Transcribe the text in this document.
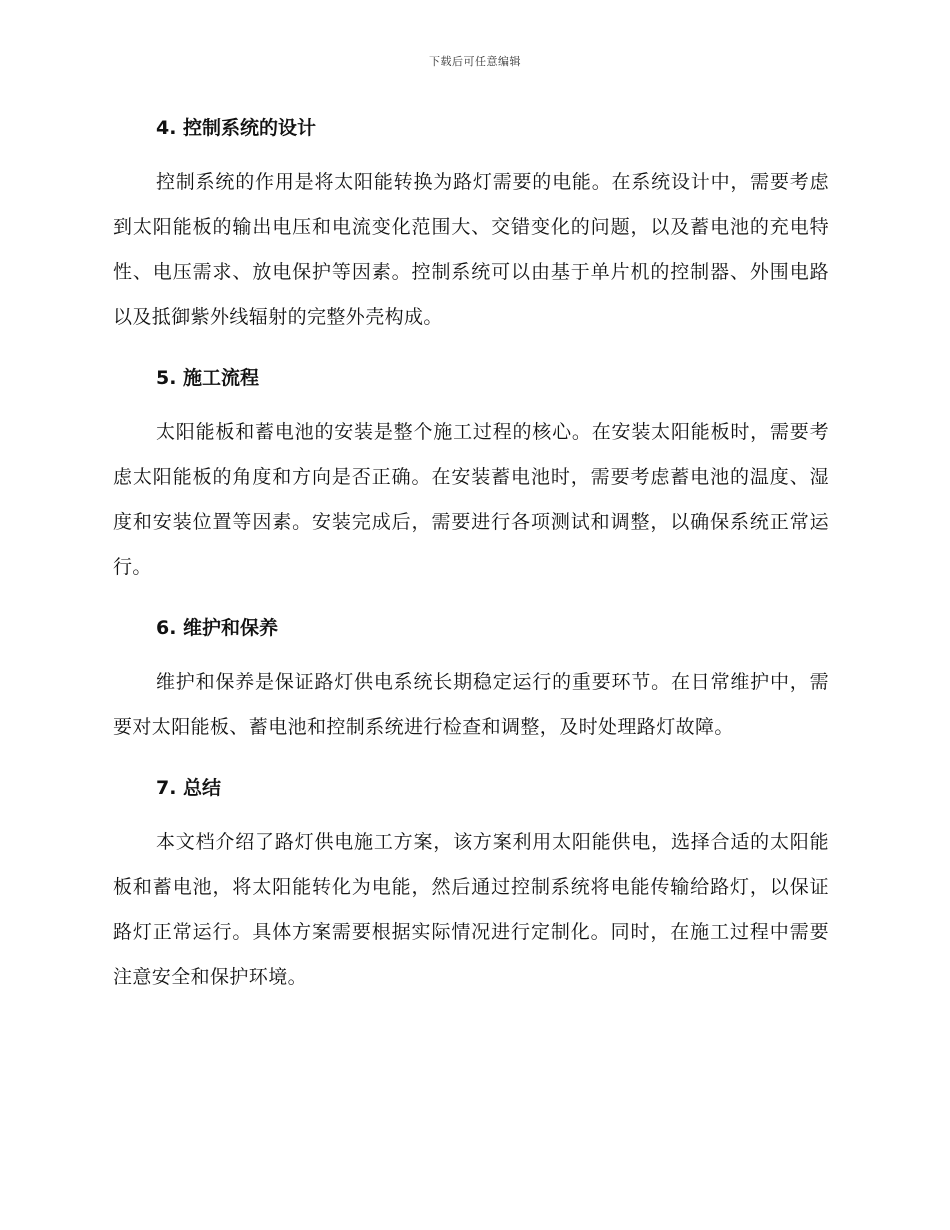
下载后可任意编辑
4. 控制系统的设计

控制系统的作用是将太阳能转换为路灯需要的电能。在系统设计中，需要考虑到太阳能板的输出电压和电流变化范围大、交错变化的问题，以及蓄电池的充电特性、电压需求、放电保护等因素。控制系统可以由基于单片机的控制器、外围电路以及抵御紫外线辐射的完整外壳构成。

5. 施工流程

太阳能板和蓄电池的安装是整个施工过程的核心。在安装太阳能板时，需要考虑太阳能板的角度和方向是否正确。在安装蓄电池时，需要考虑蓄电池的温度、湿度和安装位置等因素。安装完成后，需要进行各项测试和调整，以确保系统正常运行。

6. 维护和保养

维护和保养是保证路灯供电系统长期稳定运行的重要环节。在日常维护中，需要对太阳能板、蓄电池和控制系统进行检查和调整，及时处理路灯故障。

7. 总结

本文档介绍了路灯供电施工方案，该方案利用太阳能供电，选择合适的太阳能板和蓄电池，将太阳能转化为电能，然后通过控制系统将电能传输给路灯，以保证路灯正常运行。具体方案需要根据实际情况进行定制化。同时，在施工过程中需要注意安全和保护环境。
